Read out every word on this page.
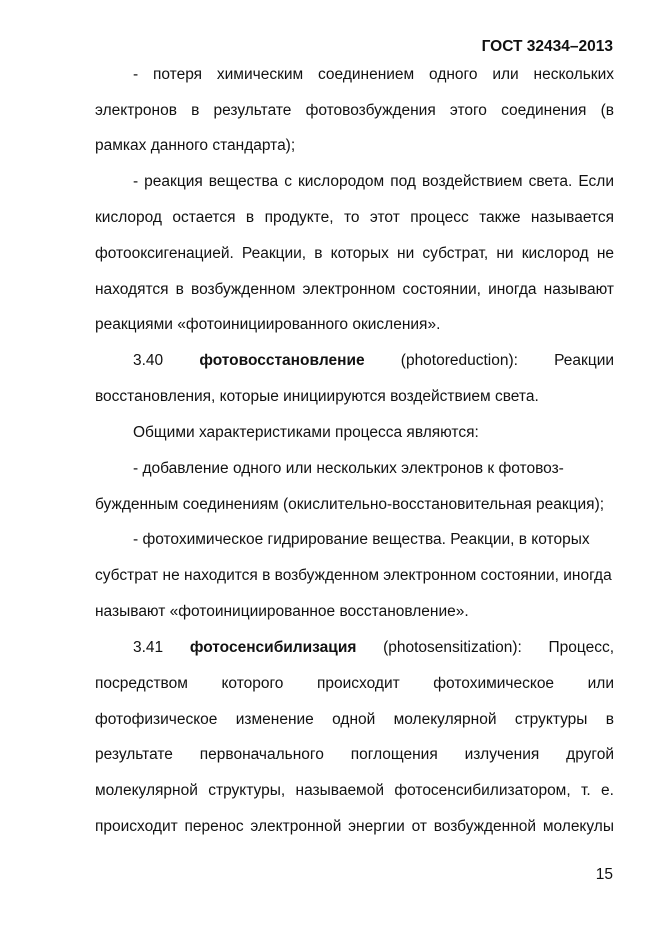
ГОСТ 32434–2013
- потеря химическим соединением одного или нескольких
электронов в результате фотовозбуждения этого соединения (в
рамках данного стандарта);
- реакция вещества с кислородом под воздействием света. Если
кислород остается в продукте, то этот процесс также называется
фотооксигенацией. Реакции, в которых ни субстрат, ни кислород не
находятся в возбужденном электронном состоянии, иногда называют
реакциями «фотоинициированного окисления».
3.40 фотовосстановление (photoreduction): Реакции
восстановления, которые инициируются воздействием света.
Общими характеристиками процесса являются:
- добавление одного или нескольких электронов к фотовоз-
бужденным соединениям (окислительно-восстановительная реакция);
- фотохимическое гидрирование вещества. Реакции, в которых
субстрат не находится в возбужденном электронном состоянии, иногда
называют «фотоинициированное восстановление».
3.41 фотосенсибилизация (photosensitization): Процесс,
посредством которого происходит фотохимическое или
фотофизическое изменение одной молекулярной структуры в
результате первоначального поглощения излучения другой
молекулярной структуры, называемой фотосенсибилизатором, т. е.
происходит перенос электронной энергии от возбужденной молекулы
15
